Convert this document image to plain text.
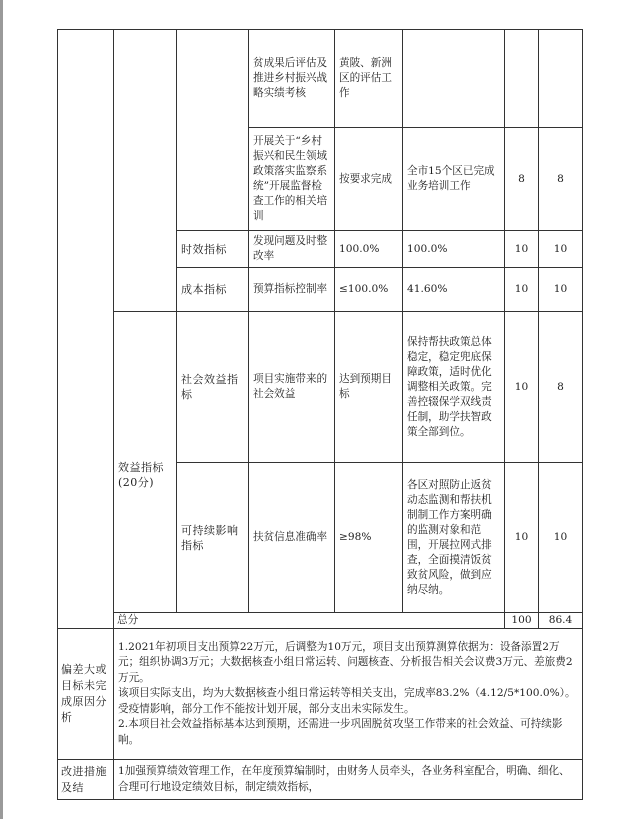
			贫成果后评估及推进乡村振兴战略实绩考核	黄陂、新洲区的评估工作			
			开展关于“乡村振兴和民生领域政策落实监察系统”开展监督检查工作的相关培训	按要求完成	全市15个区已完成业务培训工作	8	8
		时效指标	发现问题及时整改率	100.0%	100.0%	10	10
		成本指标	预算指标控制率	≤100.0%	41.60%	10	10
	效益指标(20分)	社会效益指标	项目实施带来的社会效益	达到预期目标	保持帮扶政策总体稳定，稳定兜底保障政策，适时优化调整相关政策。完善控辍保学双线责任制，助学扶智政策全部到位。	10	8
		可持续影响指标	扶贫信息准确率	≥98%	各区对照防止返贫动态监测和帮扶机制制工作方案明确的监测对象和范围，开展拉网式排查，全面摸清饭贫致贫风险，做到应纳尽纳。	10	10
	总分					100	86.4
偏差大或目标未完成原因分析	1.2021年初项目支出预算22万元，后调整为10万元，项目支出预算测算依据为：设备添置2万元；组织协调3万元；大数据核查小组日常运转、问题核查、分析报告相关会议费3万元、差旅费2万元。

该项目实际支出，均为大数据核查小组日常运转等相关支出，完成率83.2%（4.12/5*100.0%）。受疫情影响，部分工作不能按计划开展，部分支出未实际发生。

2.本项目社会效益指标基本达到预期，还需进一步巩固脱贫攻坚工作带来的社会效益、可持续影响。						

改进措施及结	1加强预算绩效管理工作，在年度预算编制时，由财务人员牵头，各业务科室配合，明确、细化、合理可行地设定绩效目标，制定绩效指标，						
